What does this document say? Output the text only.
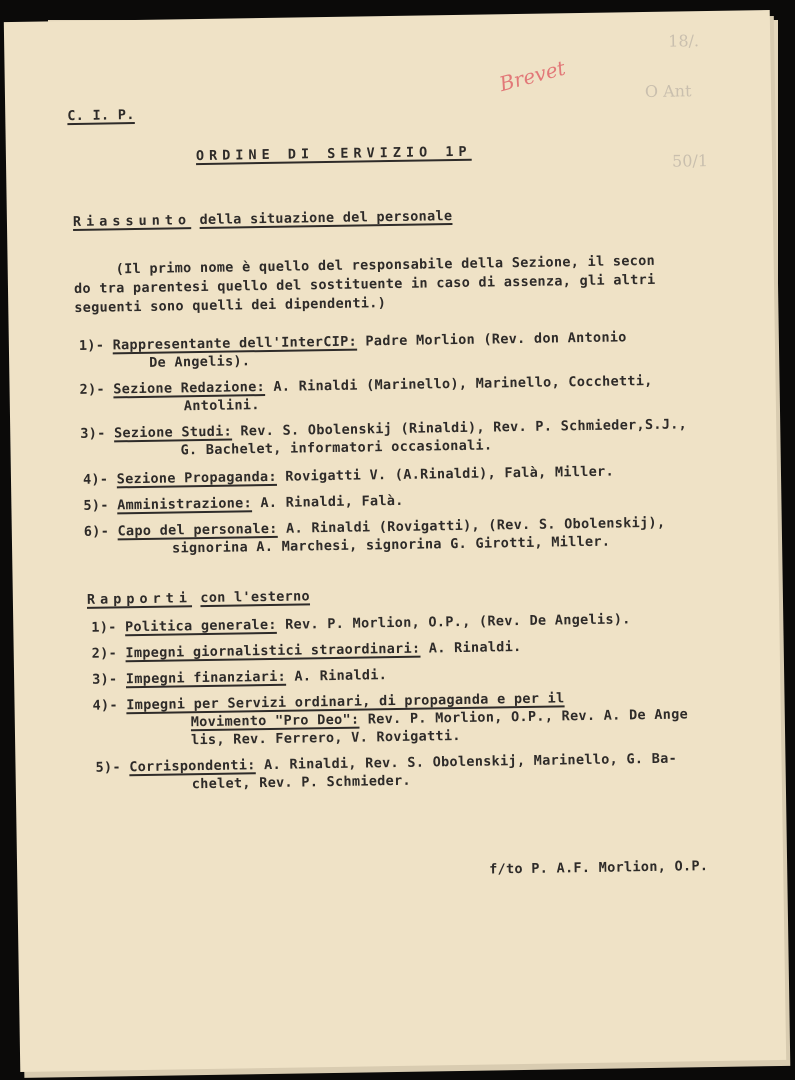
Brevet
18/.
O Ant
50/1
C. I. P.
ORDINE DI SERVIZIO 1P
Riassunto della situazione del personale
(Il primo nome è quello del responsabile della Sezione, il secon
do tra parentesi quello del sostituente in caso di assenza, gli altri
seguenti sono quelli dei dipendenti.)
1)- Rappresentante dell'InterCIP: Padre Morlion (Rev. don Antonio
De Angelis).
2)- Sezione Redazione: A. Rinaldi (Marinello), Marinello, Cocchetti,
Antolini.
3)- Sezione Studi: Rev. S. Obolenskij (Rinaldi), Rev. P. Schmieder,S.J.,
G. Bachelet, informatori occasionali.
4)- Sezione Propaganda: Rovigatti V. (A.Rinaldi), Falà, Miller.
5)- Amministrazione: A. Rinaldi, Falà.
6)- Capo del personale: A. Rinaldi (Rovigatti), (Rev. S. Obolenskij),
signorina A. Marchesi, signorina G. Girotti, Miller.
Rapporti con l'esterno
1)- Politica generale: Rev. P. Morlion, O.P., (Rev. De Angelis).
2)- Impegni giornalistici straordinari: A. Rinaldi.
3)- Impegni finanziari: A. Rinaldi.
4)- Impegni per Servizi ordinari, di propaganda e per il
Movimento "Pro Deo": Rev. P. Morlion, O.P., Rev. A. De Ange
lis, Rev. Ferrero, V. Rovigatti.
5)- Corrispondenti: A. Rinaldi, Rev. S. Obolenskij, Marinello, G. Ba-
chelet, Rev. P. Schmieder.
f/to P. A.F. Morlion, O.P.
